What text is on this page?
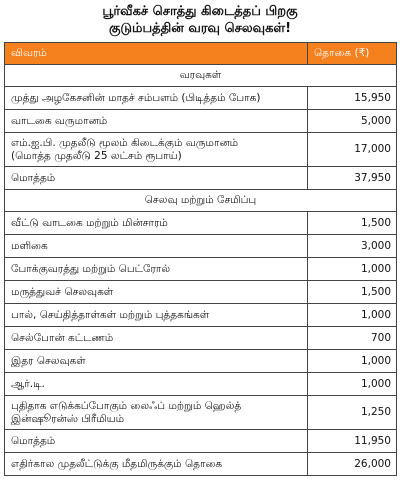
பூர்வீகச் சொத்து கிடைத்தப் பிறகு
குடும்பத்தின் வரவு செலவுகள்!
விவரம்	தொகை (₹)
வரவுகள்	
முத்து அழகேசனின் மாதச் சம்பளம் (பிடித்தம் போக)	15,950
வாடகை வருமானம்	5,000

எம்.ஐ.பி. முதலீடு மூலம் கிடைக்கும் வருமானம்
(மொத்த முதலீடு 25 லட்சம் ரூபாய்)	17,000
மொத்தம்	37,950
செலவு மற்றும் சேமிப்பு	
வீட்டு வாடகை மற்றும் மின்சாரம்	1,500
மளிகை	3,000
போக்குவரத்து மற்றும் பெட்ரோல்	1,000
மருத்துவச் செலவுகள்	1,500
பால், செய்தித்தாள்கள் மற்றும் புத்தகங்கள்	1,000
செல்போன் கட்டணம்	700
இதர செலவுகள்	1,000
ஆர்.டி.	1,000

புதிதாக எடுக்கப்போகும் லைஃப் மற்றும் ஹெல்த்
இன்ஷூரன்ஸ் பிரீமியம்	1,250
மொத்தம்	11,950
எதிர்கால முதலீட்டுக்கு மீதமிருக்கும் தொகை	26,000
